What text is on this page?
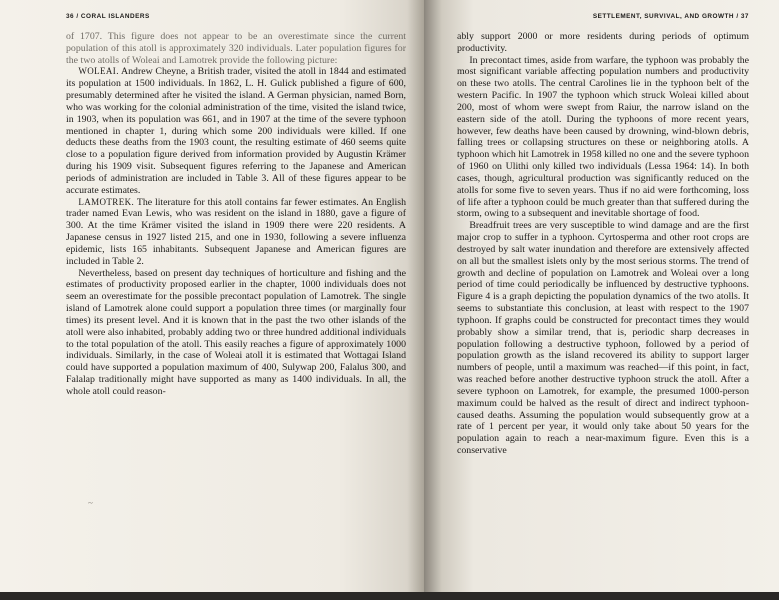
36 / CORAL ISLANDERS

of 1707. This figure does not appear to be an overestimate since the current population of this atoll is approximately 320 individuals. Later population figures for the two atolls of Woleai and Lamotrek provide the following picture:

WOLEAI. Andrew Cheyne, a British trader, visited the atoll in 1844 and estimated its population at 1500 individuals. In 1862, L. H. Gulick published a figure of 600, presumably determined after he visited the island. A German physician, named Born, who was working for the colonial administration of the time, visited the island twice, in 1903, when its population was 661, and in 1907 at the time of the severe typhoon mentioned in chapter 1, during which some 200 individuals were killed. If one deducts these deaths from the 1903 count, the resulting estimate of 460 seems quite close to a population figure derived from information provided by Augustin Krämer during his 1909 visit. Subsequent figures referring to the Japanese and American periods of administration are included in Table 3. All of these figures appear to be accurate estimates.

LAMOTREK. The literature for this atoll contains far fewer estimates. An English trader named Evan Lewis, who was resident on the island in 1880, gave a figure of 300. At the time Krämer visited the island in 1909 there were 220 residents. A Japanese census in 1927 listed 215, and one in 1930, following a severe influenza epidemic, lists 165 inhabitants. Subsequent Japanese and American figures are included in Table 2.

Nevertheless, based on present day techniques of horticulture and fishing and the estimates of productivity proposed earlier in the chapter, 1000 individuals does not seem an overestimate for the possible precontact population of Lamotrek. The single island of Lamotrek alone could support a population three times (or marginally four times) its present level. And it is known that in the past the two other islands of the atoll were also inhabited, probably adding two or three hundred additional individuals to the total population of the atoll. This easily reaches a figure of approximately 1000 individuals. Similarly, in the case of Woleai atoll it is estimated that Wottagai Island could have supported a population maximum of 400, Sulywap 200, Falalus 300, and Falalap traditionally might have supported as many as 1400 individuals. In all, the whole atoll could reason-

~
SETTLEMENT, SURVIVAL, AND GROWTH / 37

ably support 2000 or more residents during periods of optimum productivity.

In precontact times, aside from warfare, the typhoon was probably the most significant variable affecting population numbers and productivity on these two atolls. The central Carolines lie in the typhoon belt of the western Pacific. In 1907 the typhoon which struck Woleai killed about 200, most of whom were swept from Raiur, the narrow island on the eastern side of the atoll. During the typhoons of more recent years, however, few deaths have been caused by drowning, wind-blown debris, falling trees or collapsing structures on these or neighboring atolls. A typhoon which hit Lamotrek in 1958 killed no one and the severe typhoon of 1960 on Ulithi only killed two individuals (Lessa 1964: 14). In both cases, though, agricultural production was significantly reduced on the atolls for some five to seven years. Thus if no aid were forthcoming, loss of life after a typhoon could be much greater than that suffered during the storm, owing to a subsequent and inevitable shortage of food.

Breadfruit trees are very susceptible to wind damage and are the first major crop to suffer in a typhoon. Cyrtosperma and other root crops are destroyed by salt water inundation and therefore are extensively affected on all but the smallest islets only by the most serious storms. The trend of growth and decline of population on Lamotrek and Woleai over a long period of time could periodically be influenced by destructive typhoons. Figure 4 is a graph depicting the population dynamics of the two atolls. It seems to substantiate this conclusion, at least with respect to the 1907 typhoon. If graphs could be constructed for precontact times they would probably show a similar trend, that is, periodic sharp decreases in population following a destructive typhoon, followed by a period of population growth as the island recovered its ability to support larger numbers of people, until a maximum was reached—if this point, in fact, was reached before another destructive typhoon struck the atoll. After a severe typhoon on Lamotrek, for example, the presumed 1000-person maximum could be halved as the result of direct and indirect typhoon-caused deaths. Assuming the population would subsequently grow at a rate of 1 percent per year, it would only take about 50 years for the population again to reach a near-maximum figure. Even this is a conservative
